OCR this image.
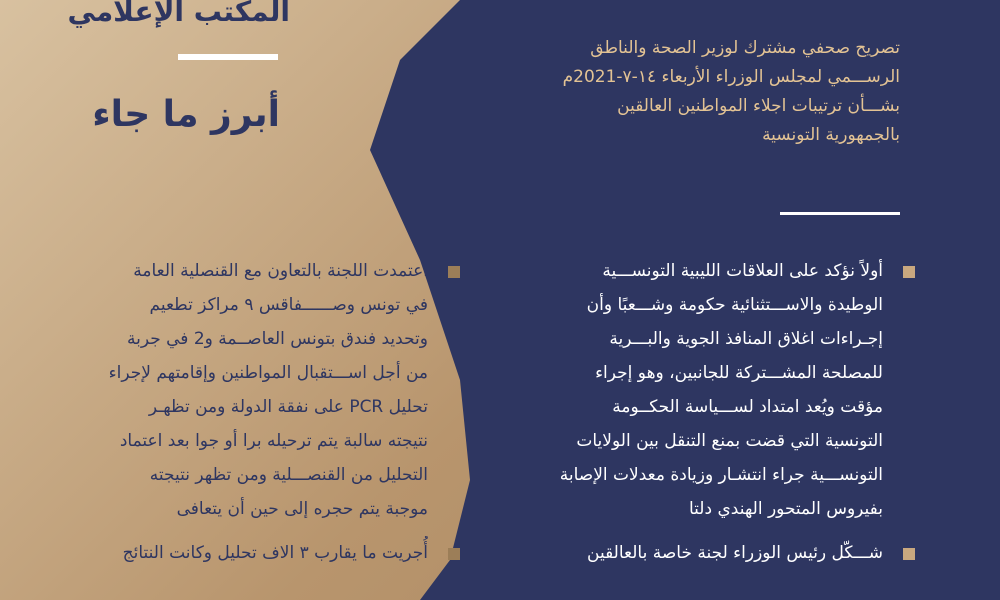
المكتب الإعلامي
أبرز ما جاء
تصريح صحفي مشترك لوزير الصحة والناطق
الرســـمي لمجلس الوزراء الأربعاء ١٤-٧-2021م
بشـــأن ترتيبات اجلاء المواطنين العالقين
بالجمهورية التونسية
أولاً نؤكد على العلاقات الليبية التونســـية
الوطيدة والاســـتثنائية حكومة وشـــعبًا وأن
إجـراءات اغلاق المنافذ الجوية والبـــرية
للمصلحة المشـــتركة للجانبين، وهو إجراء
مؤقت ويُعد امتداد لســـياسة الحكــومة
التونسية التي قضت بمنع التنقل بين الولايات
التونســـية جراء انتشـار وزيادة معدلات الإصابة
بفيروس المتحور الهندي دلتا
شـــكّل رئيس الوزراء لجنة خاصة بالعالقين
اعتمدت اللجنة بالتعاون مع القنصلية العامة
في تونس وصــــــفاقس ٩ مراكز تطعيم
وتحديد فندق بتونس العاصــمة و2 في جربة
من أجل اســـتقبال المواطنين وإقامتهم لإجراء
تحليل PCR على نفقة الدولة ومن تظهـر
نتيجته سالبة يتم ترحيله برا أو جوا بعد اعتماد
التحليل من القنصـــلية ومن تظهر نتيجته
موجبة يتم حجره إلى حين أن يتعافى
أُجريت ما يقارب ٣ الاف تحليل وكانت النتائج
